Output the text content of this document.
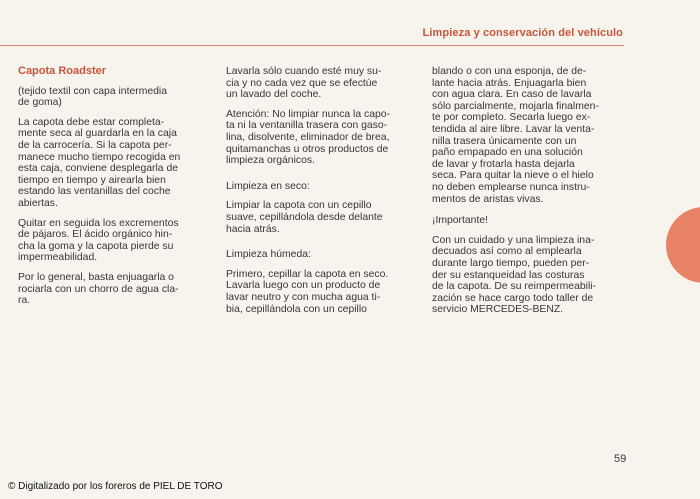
Limpieza y conservación del vehículo

Capota Roadster

(tejido textil con capa intermedia
de goma)

La capota debe estar completa-
mente seca al guardarla en la caja
de la carrocería. Si la capota per-
manece mucho tiempo recogida en
esta caja, conviene desplegarla de
tiempo en tiempo y airearla bien
estando las ventanillas del coche
abiertas.

Quitar en seguida los excrementos
de pájaros. El ácido orgánico hin-
cha la goma y la capota pierde su
impermeabilidad.

Por lo general, basta enjuagarla o
rociarla con un chorro de agua cla-
ra.

Lavarla sólo cuando esté muy su-
cia y no cada vez que se efectúe
un lavado del coche.

Atención: No limpiar nunca la capo-
ta ni la ventanilla trasera con gaso-
lina, disolvente, eliminador de brea,
quitamanchas u otros productos de
limpieza orgánicos.

Limpieza en seco:

Limpiar la capota con un cepillo
suave, cepillándola desde delante
hacia atrás.

Limpieza húmeda:

Primero, cepillar la capota en seco.
Lavarla luego con un producto de
lavar neutro y con mucha agua ti-
bia, cepillándola con un cepillo

blando o con una esponja, de de-
lante hacia atrás. Enjuagarla bien
con agua clara. En caso de lavarla
sólo parcialmente, mojarla finalmen-
te por completo. Secarla luego ex-
tendida al aire libre. Lavar la venta-
nilla trasera únicamente con un
paño empapado en una solución
de lavar y frotarla hasta dejarla
seca. Para quitar la nieve o el hielo
no deben emplearse nunca instru-
mentos de aristas vivas.

¡Importante!

Con un cuidado y una limpieza ina-
decuados así como al emplearla
durante largo tiempo, pueden per-
der su estanqueidad las costuras
de la capota. De su reimpermeabili-
zación se hace cargo todo taller de
servicio MERCEDES-BENZ.

59
© Digitalizado por los foreros de PIEL DE TORO
